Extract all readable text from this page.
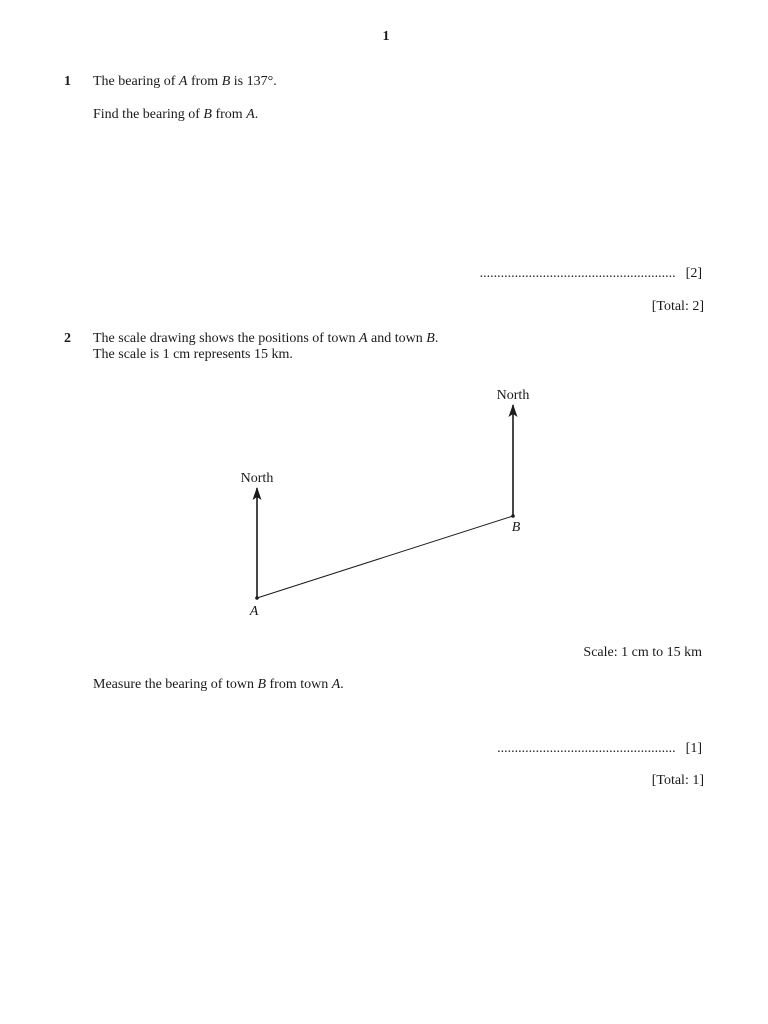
1
1 The bearing of A from B is 137°.
Find the bearing of B from A.
........................................................ [2]
[Total: 2]
2 The scale drawing shows the positions of town A and town B.
The scale is 1 cm represents 15 km.
North
North
A
B
Scale: 1 cm to 15 km
Measure the bearing of town B from town A.
................................................... [1]
[Total: 1]
